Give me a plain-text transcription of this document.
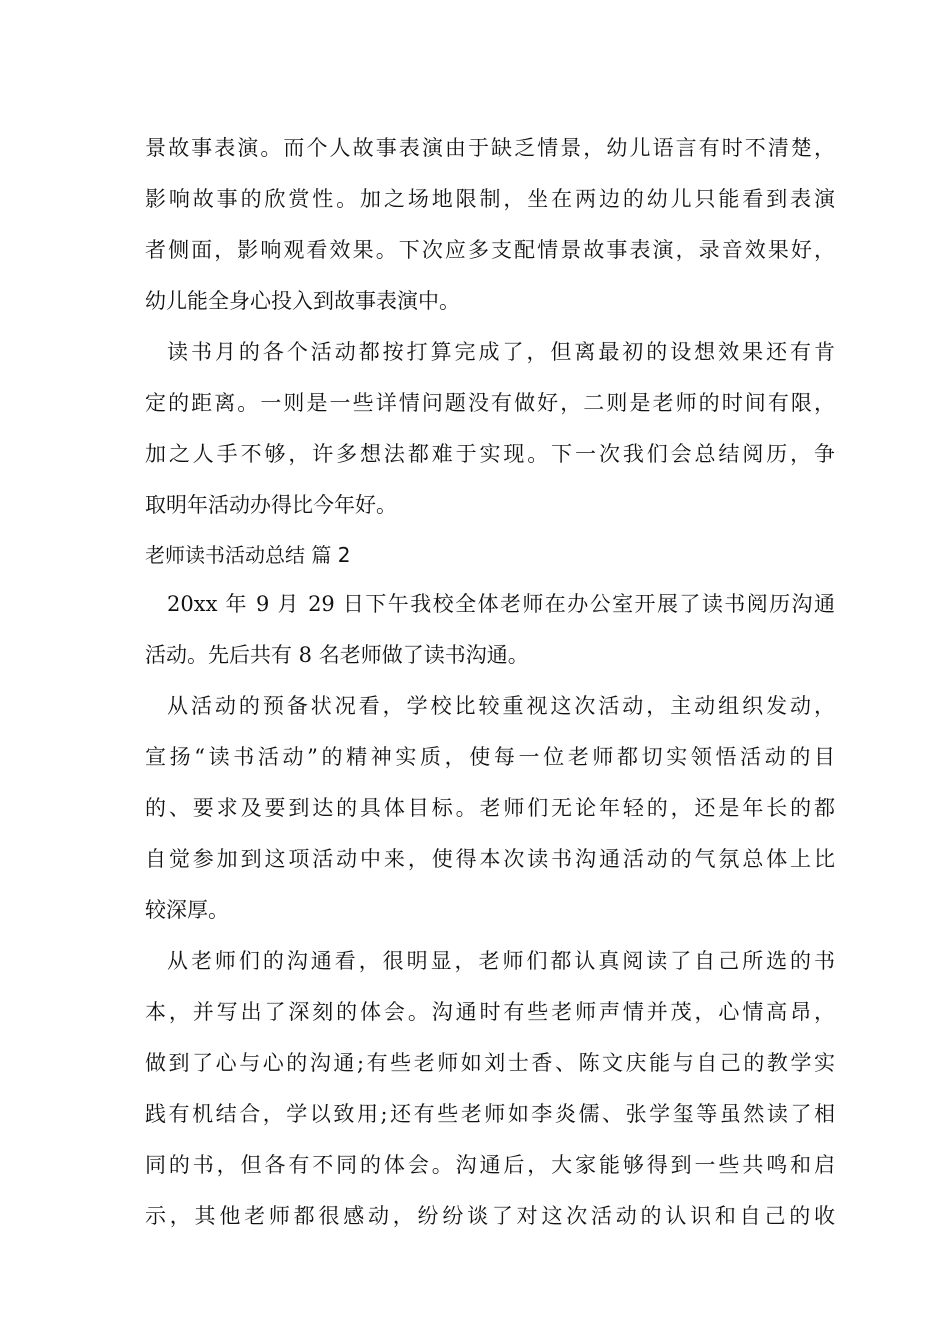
景故事表演。而个人故事表演由于缺乏情景，幼儿语言有时不清楚，
影响故事的欣赏性。加之场地限制，坐在两边的幼儿只能看到表演
者侧面，影响观看效果。下次应多支配情景故事表演，录音效果好，
幼儿能全身心投入到故事表演中。
读书月的各个活动都按打算完成了，但离最初的设想效果还有肯
定的距离。一则是一些详情问题没有做好，二则是老师的时间有限，
加之人手不够，许多想法都难于实现。下一次我们会总结阅历，争
取明年活动办得比今年好。
老师读书活动总结 篇 2
20xx 年 9 月 29 日下午我校全体老师在办公室开展了读书阅历沟通
活动。先后共有 8 名老师做了读书沟通。
从活动的预备状况看，学校比较重视这次活动，主动组织发动，
宣扬“读书活动”的精神实质，使每一位老师都切实领悟活动的目
的、要求及要到达的具体目标。老师们无论年轻的，还是年长的都
自觉参加到这项活动中来，使得本次读书沟通活动的气氛总体上比
较深厚。
从老师们的沟通看，很明显，老师们都认真阅读了自己所选的书
本，并写出了深刻的体会。沟通时有些老师声情并茂，心情高昂，
做到了心与心的沟通;有些老师如刘士香、陈文庆能与自己的教学实
践有机结合，学以致用;还有些老师如李炎儒、张学玺等虽然读了相
同的书，但各有不同的体会。沟通后，大家能够得到一些共鸣和启
示，其他老师都很感动，纷纷谈了对这次活动的认识和自己的收
